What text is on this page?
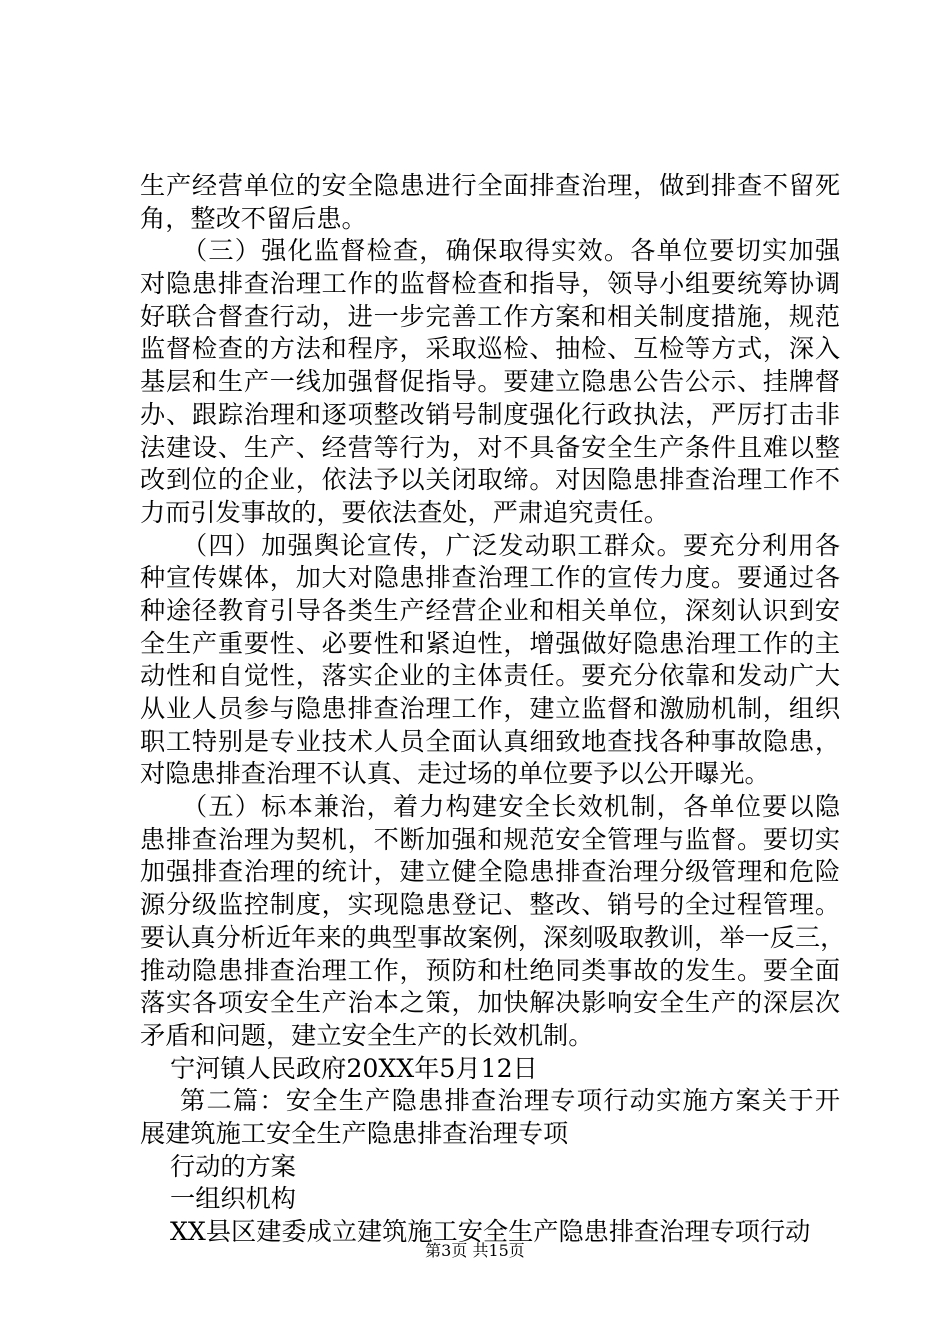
生产经营单位的安全隐患进行全面排查治理，做到排查不留死
角，整改不留后患。
（三）强化监督检查，确保取得实效。各单位要切实加强
对隐患排查治理工作的监督检查和指导，领导小组要统筹协调
好联合督查行动，进一步完善工作方案和相关制度措施，规范
监督检查的方法和程序，采取巡检、抽检、互检等方式，深入
基层和生产一线加强督促指导。要建立隐患公告公示、挂牌督
办、跟踪治理和逐项整改销号制度强化行政执法，严厉打击非
法建设、生产、经营等行为，对不具备安全生产条件且难以整
改到位的企业，依法予以关闭取缔。对因隐患排查治理工作不
力而引发事故的，要依法查处，严肃追究责任。
（四）加强舆论宣传，广泛发动职工群众。要充分利用各
种宣传媒体，加大对隐患排查治理工作的宣传力度。要通过各
种途径教育引导各类生产经营企业和相关单位，深刻认识到安
全生产重要性、必要性和紧迫性，增强做好隐患治理工作的主
动性和自觉性，落实企业的主体责任。要充分依靠和发动广大
从业人员参与隐患排查治理工作，建立监督和激励机制，组织
职工特别是专业技术人员全面认真细致地查找各种事故隐患，
对隐患排查治理不认真、走过场的单位要予以公开曝光。
（五）标本兼治，着力构建安全长效机制，各单位要以隐
患排查治理为契机，不断加强和规范安全管理与监督。要切实
加强排查治理的统计，建立健全隐患排查治理分级管理和危险
源分级监控制度，实现隐患登记、整改、销号的全过程管理。
要认真分析近年来的典型事故案例，深刻吸取教训，举一反三，
推动隐患排查治理工作，预防和杜绝同类事故的发生。要全面
落实各项安全生产治本之策，加快解决影响安全生产的深层次
矛盾和问题，建立安全生产的长效机制。
宁河镇人民政府20XX年5月12日
第二篇：安全生产隐患排查治理专项行动实施方案关于开
展建筑施工安全生产隐患排查治理专项
行动的方案
一组织机构
XX县区建委成立建筑施工安全生产隐患排查治理专项行动
第3页 共15页
